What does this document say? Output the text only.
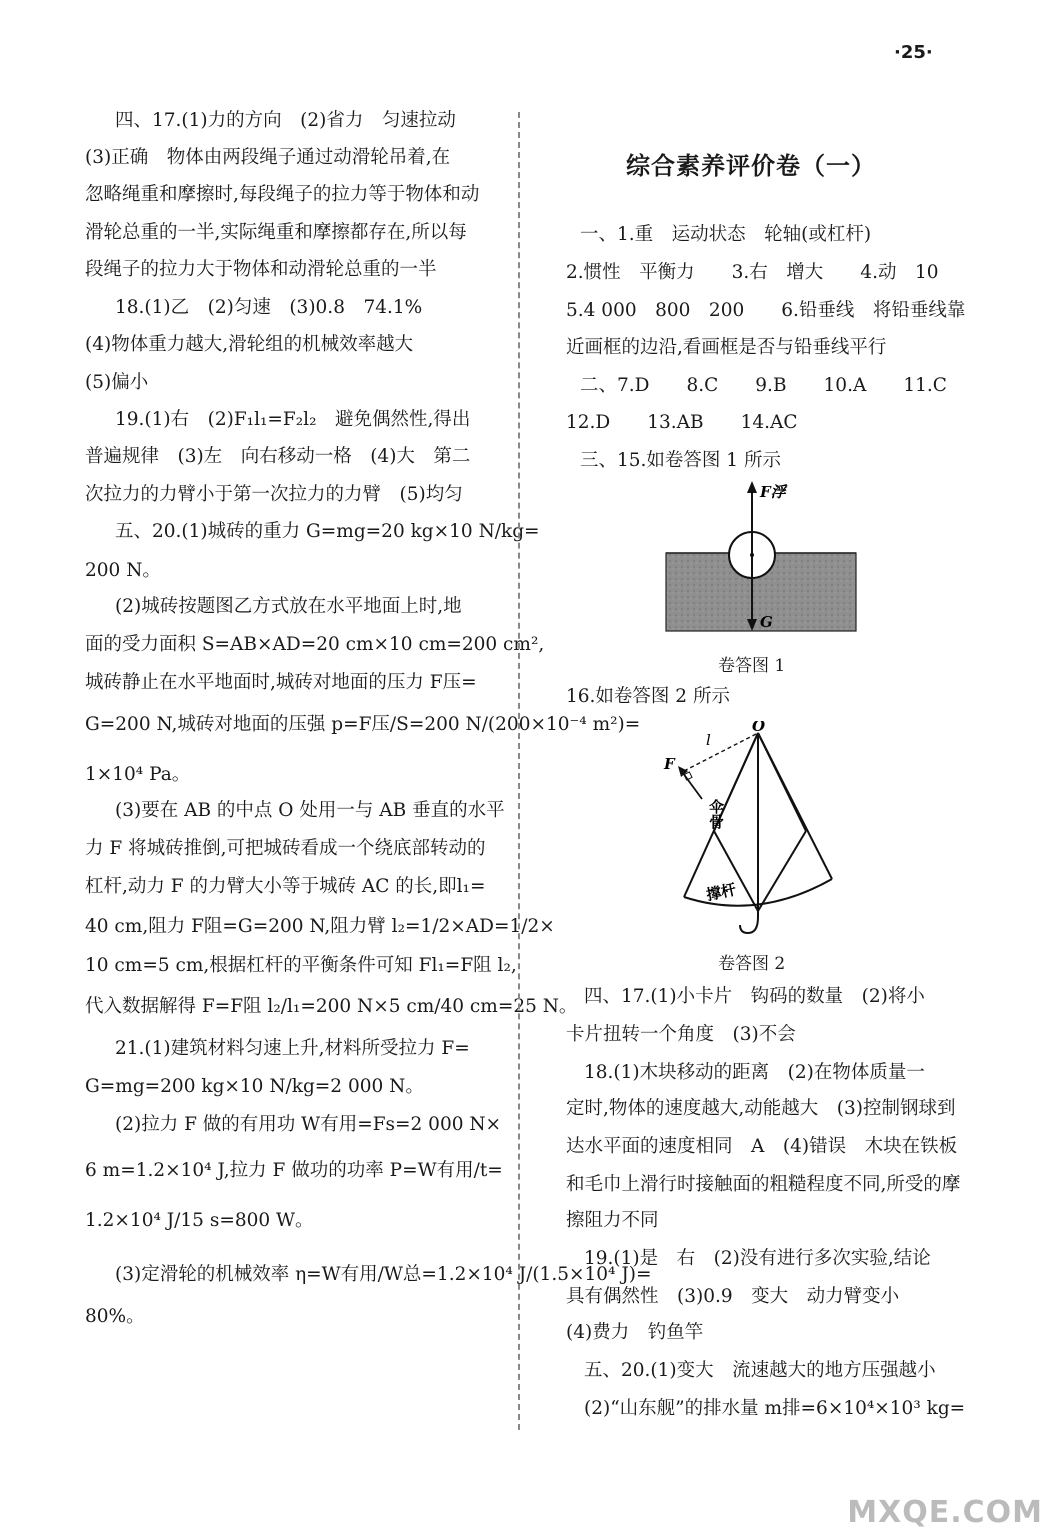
·25·
四、17.(1)力的方向　(2)省力　匀速拉动
(3)正确　物体由两段绳子通过动滑轮吊着,在
忽略绳重和摩擦时,每段绳子的拉力等于物体和动
滑轮总重的一半,实际绳重和摩擦都存在,所以每
段绳子的拉力大于物体和动滑轮总重的一半
18.(1)乙　(2)匀速　(3)0.8　74.1%
(4)物体重力越大,滑轮组的机械效率越大
(5)偏小
19.(1)右　(2)F₁l₁=F₂l₂　避免偶然性,得出
普遍规律　(3)左　向右移动一格　(4)大　第二
次拉力的力臂小于第一次拉力的力臂　(5)均匀
五、20.(1)城砖的重力 G=mg=20 kg×10 N/kg=
200 N。
(2)城砖按题图乙方式放在水平地面上时,地
面的受力面积 S=AB×AD=20 cm×10 cm=200 cm²,
城砖静止在水平地面时,城砖对地面的压力 F压=
G=200 N,城砖对地面的压强 p=F压/S=200 N/(200×10⁻⁴ m²)=
1×10⁴ Pa。
(3)要在 AB 的中点 O 处用一与 AB 垂直的水平
力 F 将城砖推倒,可把城砖看成一个绕底部转动的
杠杆,动力 F 的力臂大小等于城砖 AC 的长,即l₁=
40 cm,阻力 F阻=G=200 N,阻力臂 l₂=1/2×AD=1/2×
10 cm=5 cm,根据杠杆的平衡条件可知 Fl₁=F阻 l₂,
代入数据解得 F=F阻 l₂/l₁=200 N×5 cm/40 cm=25 N。
21.(1)建筑材料匀速上升,材料所受拉力 F=
G=mg=200 kg×10 N/kg=2 000 N。
(2)拉力 F 做的有用功 W有用=Fs=2 000 N×
6 m=1.2×10⁴ J,拉力 F 做功的功率 P=W有用/t=
1.2×10⁴ J/15 s=800 W。
(3)定滑轮的机械效率 η=W有用/W总=1.2×10⁴ J/(1.5×10⁴ J)=
80%。
综合素养评价卷（一）
F浮
G
卷答图 1
16.如卷答图 2 所示
F
l
O
伞骨
撑杆
卷答图 2
一、1.重　运动状态　轮轴(或杠杆)
2.惯性　平衡力　　3.右　增大　　4.动　10
5.4 000　800　200　　6.铅垂线　将铅垂线靠
近画框的边沿,看画框是否与铅垂线平行
二、7.D　　8.C　　9.B　　10.A　　11.C
12.D　　13.AB　　14.AC
三、15.如卷答图 1 所示
四、17.(1)小卡片　钩码的数量　(2)将小
卡片扭转一个角度　(3)不会
18.(1)木块移动的距离　(2)在物体质量一
定时,物体的速度越大,动能越大　(3)控制钢球到
达水平面的速度相同　A　(4)错误　木块在铁板
和毛巾上滑行时接触面的粗糙程度不同,所受的摩
擦阻力不同
19.(1)是　右　(2)没有进行多次实验,结论
具有偶然性　(3)0.9　变大　动力臂变小
(4)费力　钓鱼竿
五、20.(1)变大　流速越大的地方压强越小
(2)“山东舰”的排水量 m排=6×10⁴×10³ kg=
MXQE.COM
